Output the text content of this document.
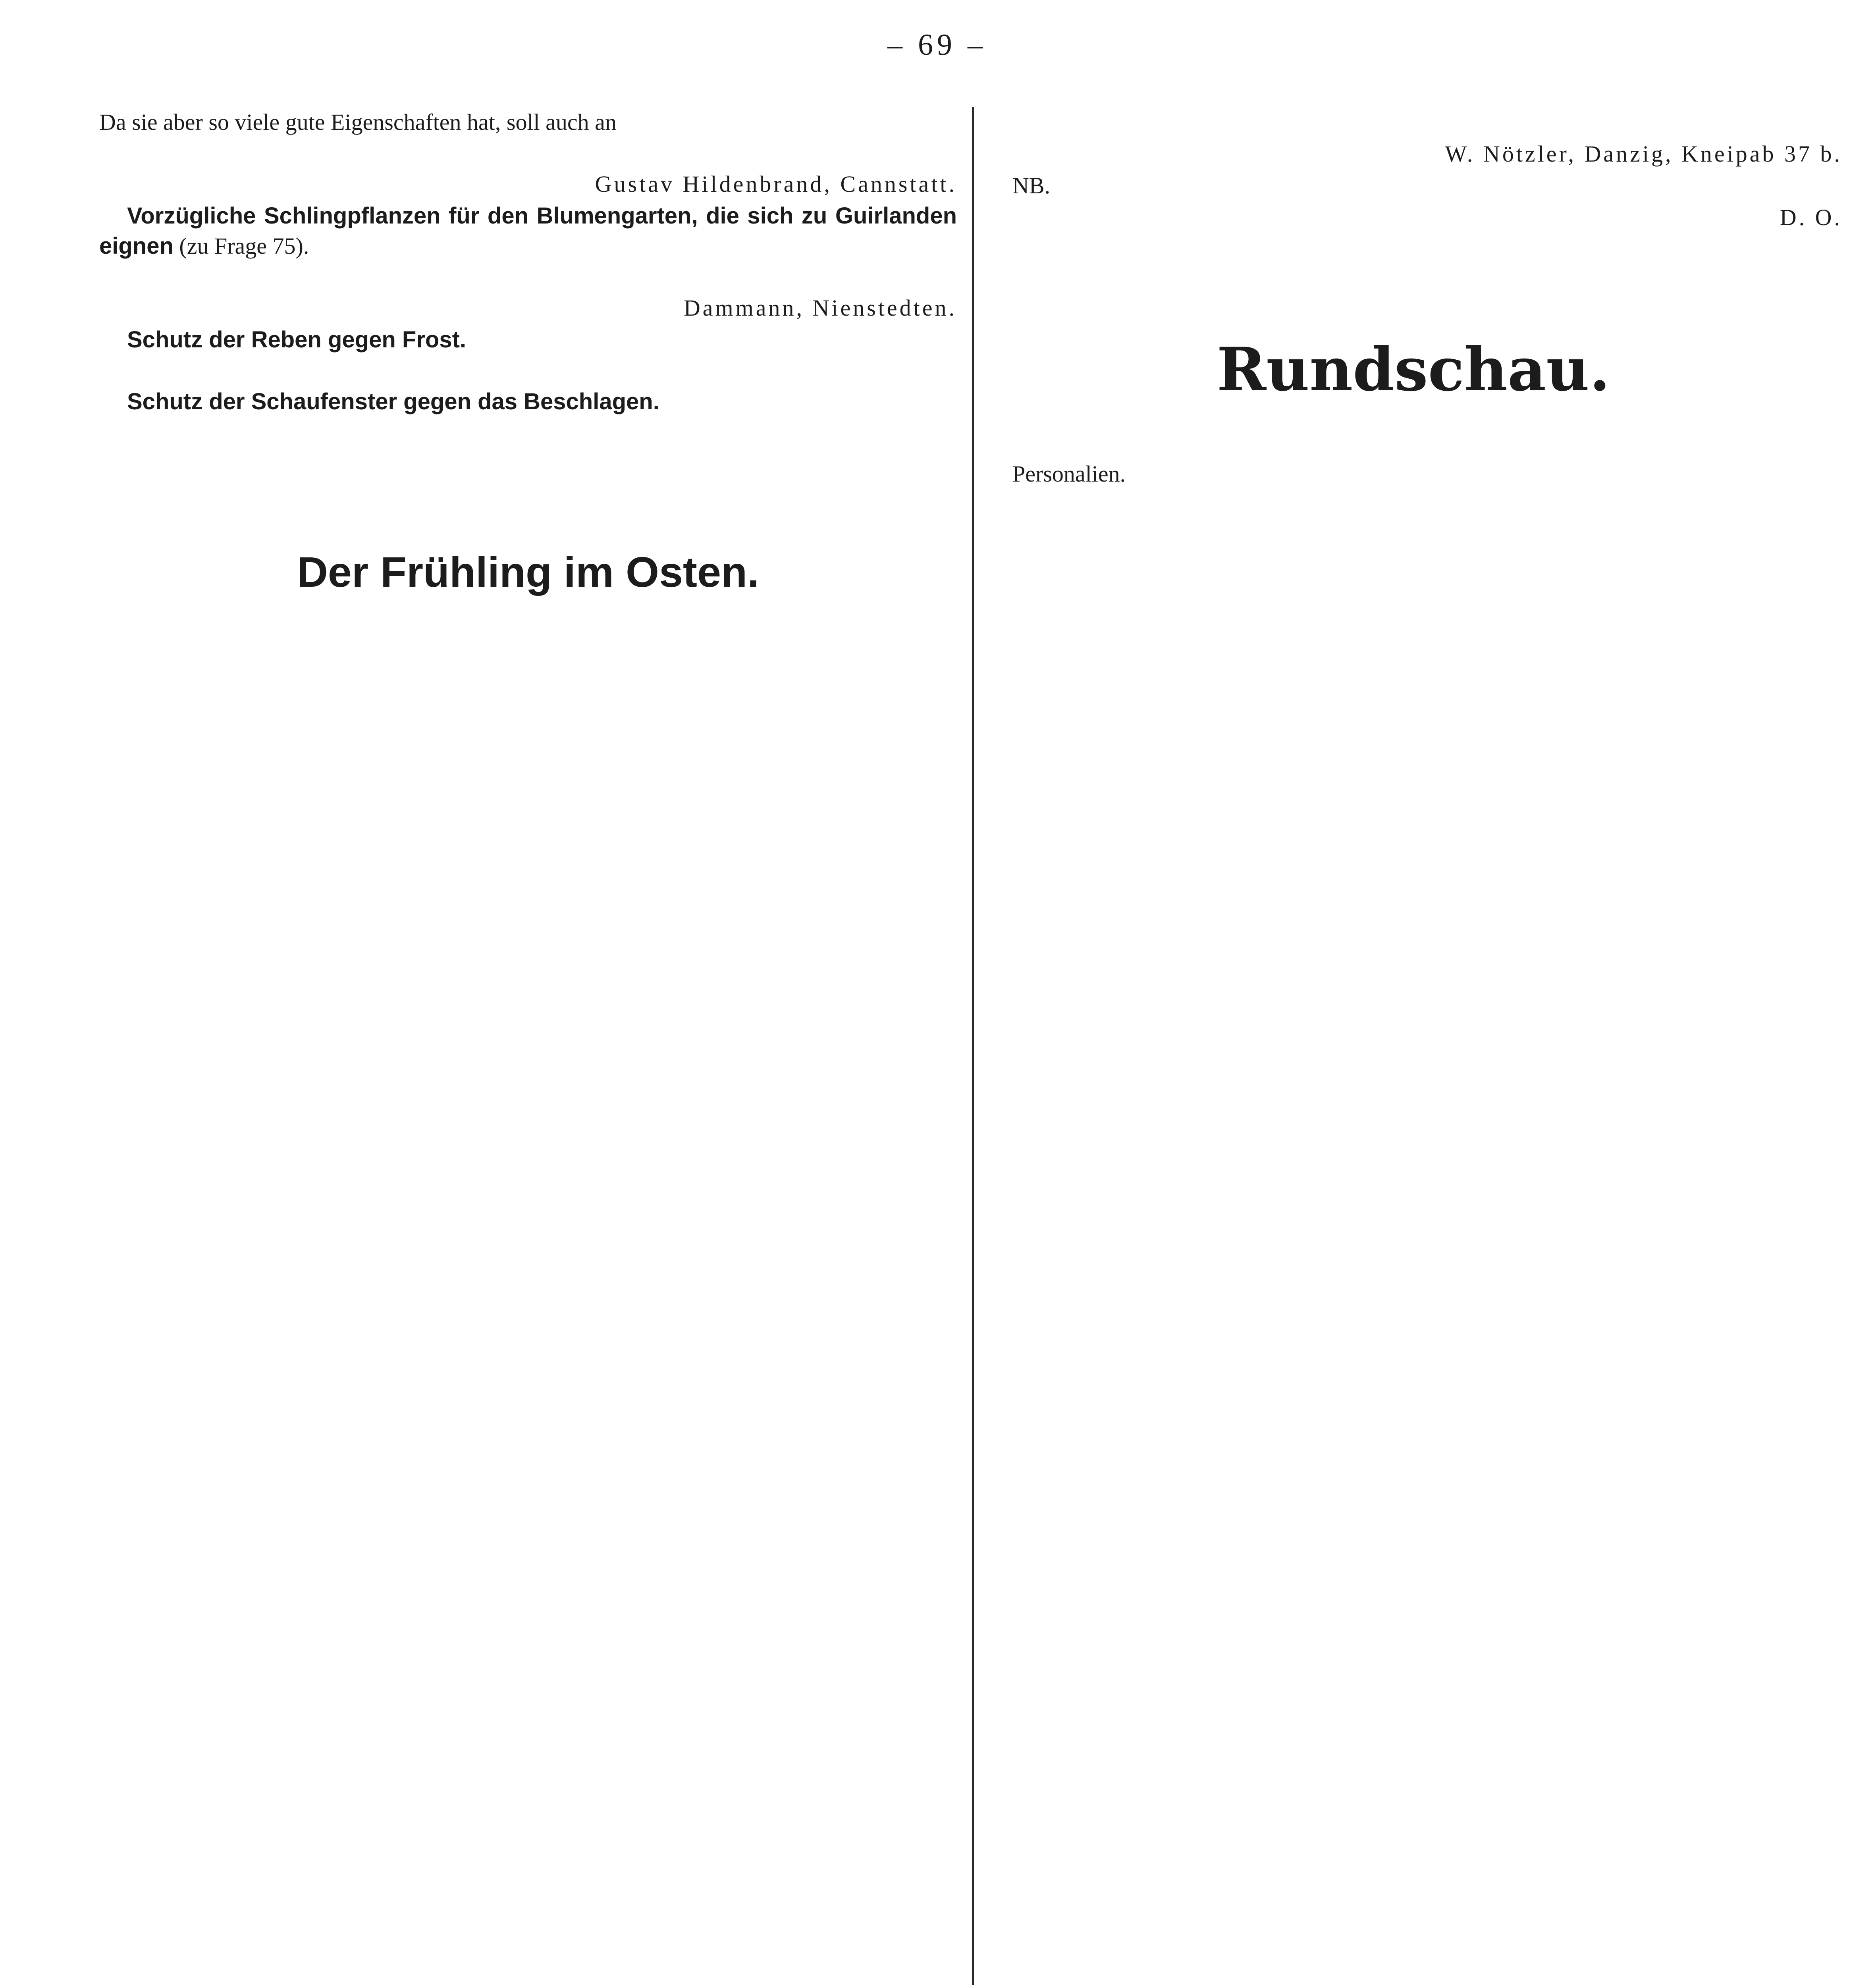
– 69 –

Da sie aber so viele gute Eigenschaften hat, soll auch an

Gustav Hildenbrand, Cannstatt.

Vorzügliche Schlingpflanzen für den Blumengarten, die sich zu Guirlanden eignen (zu Frage 75).

Dammann, Nienstedten.

Schutz der Reben gegen Frost.

Schutz der Schaufenster gegen das Beschlagen.

Der Frühling im Osten.

W. Nötzler, Danzig, Kneipab 37 b.

NB.

D. O.

Rundschau.

Personalien.
